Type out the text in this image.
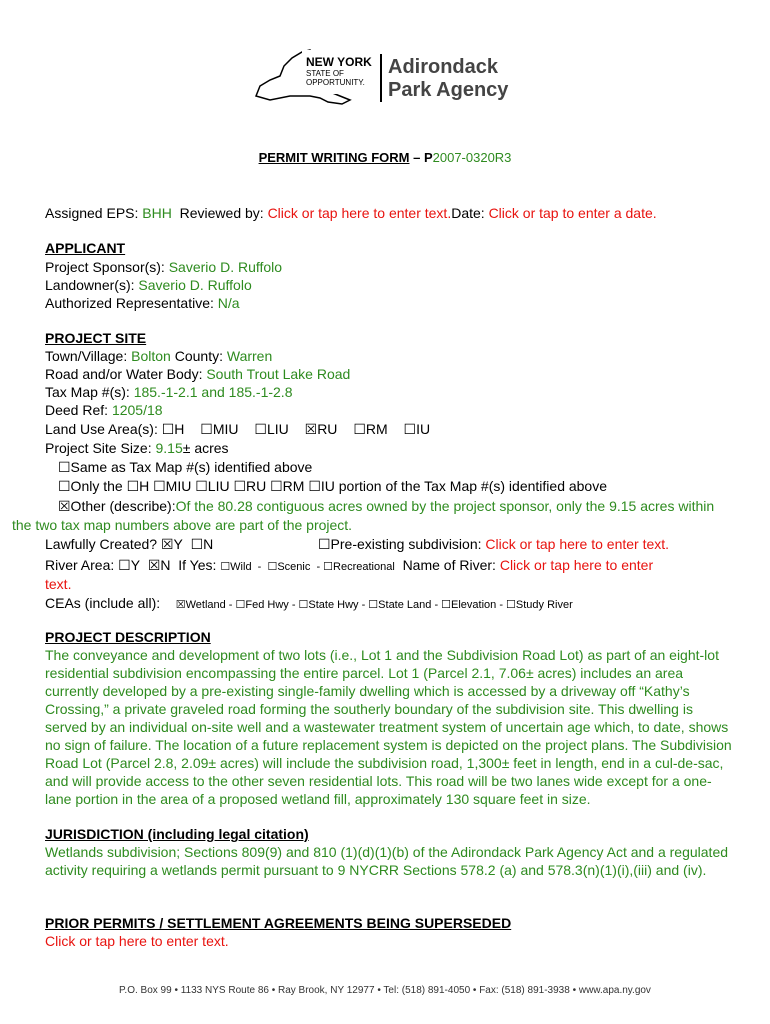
NEW YORK
STATE OF
OPPORTUNITY.
Adirondack
Park Agency
PERMIT WRITING FORM – P2007-0320R3
Assigned EPS: BHH  Reviewed by: Click or tap here to enter text.Date: Click or tap to enter a date.
APPLICANT
Project Sponsor(s): Saverio D. Ruffolo
Landowner(s): Saverio D. Ruffolo
Authorized Representative: N/a
PROJECT SITE
Town/Village: Bolton County: Warren
Road and/or Water Body: South Trout Lake Road
Tax Map #(s): 185.-1-2.1 and 185.-1-2.8
Deed Ref: 1205/18
Land Use Area(s): ☐H ☐MIU ☐LIU ☒RU ☐RM ☐IU
Project Site Size: 9.15± acres
☐Same as Tax Map #(s) identified above
☐Only the ☐H ☐MIU ☐LIU ☐RU ☐RM ☐IU portion of the Tax Map #(s) identified above
☒Other (describe):Of the 80.28 contiguous acres owned by the project sponsor, only the 9.15 acres within
the two tax map numbers above are part of the project.
Lawfully Created? ☒Y ☐N	☐Pre-existing subdivision: Click or tap here to enter text.
River Area: ☐Y ☒N  If Yes: ☐Wild  -  ☐Scenic  - ☐Recreational  Name of River: Click or tap here to enter
text.
CEAs (include all): ☒Wetland - ☐Fed Hwy - ☐State Hwy - ☐State Land - ☐Elevation - ☐Study River
PROJECT DESCRIPTION
The conveyance and development of two lots (i.e., Lot 1 and the Subdivision Road Lot) as part of an eight-lot residential subdivision encompassing the entire parcel. Lot 1 (Parcel 2.1, 7.06± acres) includes an area currently developed by a pre-existing single-family dwelling which is accessed by a driveway off “Kathy’s Crossing,” a private graveled road forming the southerly boundary of the subdivision site. This dwelling is served by an individual on-site well and a wastewater treatment system of uncertain age which, to date, shows no sign of failure. The location of a future replacement system is depicted on the project plans. The Subdivision Road Lot (Parcel 2.8, 2.09± acres) will include the subdivision road, 1,300± feet in length, end in a cul-de-sac, and will provide access to the other seven residential lots. This road will be two lanes wide except for a one-lane portion in the area of a proposed wetland fill, approximately 130 square feet in size.
JURISDICTION (including legal citation)
Wetlands subdivision; Sections 809(9) and 810 (1)(d)(1)(b) of the Adirondack Park Agency Act and a regulated activity requiring a wetlands permit pursuant to 9 NYCRR Sections 578.2 (a) and 578.3(n)(1)(i),(iii) and (iv).
PRIOR PERMITS / SETTLEMENT AGREEMENTS BEING SUPERSEDED
Click or tap here to enter text.
P.O. Box 99 • 1133 NYS Route 86 • Ray Brook, NY 12977 • Tel: (518) 891-4050 • Fax: (518) 891-3938 • www.apa.ny.gov
